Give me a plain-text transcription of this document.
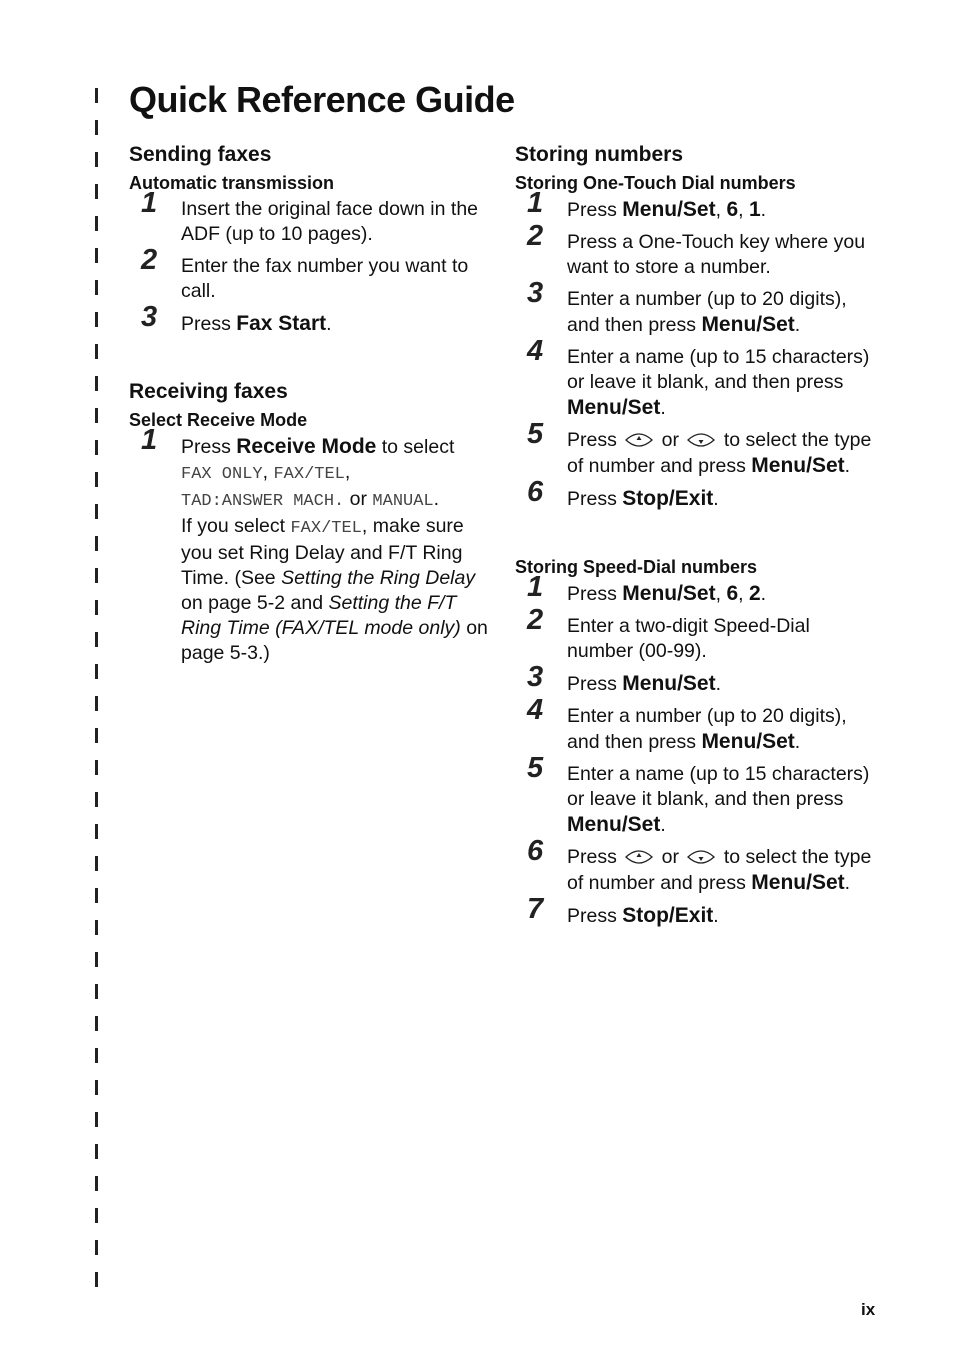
Quick Reference Guide
Sending faxes
Automatic transmission
1 Insert the original face down in the ADF (up to 10 pages).
2 Enter the fax number you want to call.
3 Press Fax Start.
Receiving faxes
Select Receive Mode
1 Press Receive Mode to select
FAX ONLY, FAX/TEL,
TAD:ANSWER MACH. or MANUAL.
If you select FAX/TEL, make sure you set Ring Delay and F/T Ring Time. (See Setting the Ring Delay on page 5-2 and Setting the F/T Ring Time (FAX/TEL mode only) on page 5-3.)
Storing numbers
Storing One-Touch Dial numbers
1 Press Menu/Set, 6, 1.
2 Press a One-Touch key where you want to store a number.
3 Enter a number (up to 20 digits), and then press Menu/Set.
4 Enter a name (up to 15 characters) or leave it blank, and then press Menu/Set.
5 Press  or  to select the type of number and press Menu/Set.
6 Press Stop/Exit.
Storing Speed-Dial numbers
1 Press Menu/Set, 6, 2.
2 Enter a two-digit Speed-Dial number (00-99).
3 Press Menu/Set.
4 Enter a number (up to 20 digits), and then press Menu/Set.
5 Enter a name (up to 15 characters) or leave it blank, and then press Menu/Set.
6 Press  or  to select the type of number and press Menu/Set.
7 Press Stop/Exit.
ix
